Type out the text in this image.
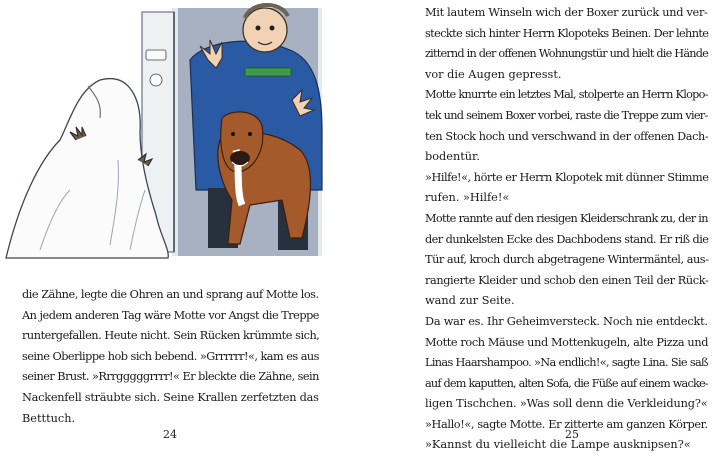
die Zähne, legte die Ohren an und sprang auf Motte los.
An jedem anderen Tag wäre Motte vor Angst die Treppe
runtergefallen. Heute nicht. Sein Rücken krümmte sich,
seine Oberlippe hob sich bebend. »Grrrrrr!«, kam es aus
seiner Brust. »Rrrgggggrrrr!« Er bleckte die Zähne, sein
Nackenfell sträubte sich. Seine Krallen zerfetzten das
Betttuch.
Mit lautem Winseln wich der Boxer zurück und ver-
steckte sich hinter Herrn Klopoteks Beinen. Der lehnte
zitternd in der offenen Wohnungstür und hielt die Hände
vor die Augen gepresst.
Motte knurrte ein letztes Mal, stolperte an Herrn Klopo-
tek und seinem Boxer vorbei, raste die Treppe zum vier-
ten Stock hoch und verschwand in der offenen Dach-
bodentür.
»Hilfe!«, hörte er Herrn Klopotek mit dünner Stimme
rufen. »Hilfe!«
Motte rannte auf den riesigen Kleiderschrank zu, der in
der dunkelsten Ecke des Dachbodens stand. Er riß die
Tür auf, kroch durch abgetragene Wintermäntel, aus-
rangierte Kleider und schob den einen Teil der Rück-
wand zur Seite.
Da war es. Ihr Geheimversteck. Noch nie entdeckt.
Motte roch Mäuse und Mottenkugeln, alte Pizza und
Linas Haarshampoo. »Na endlich!«, sagte Lina. Sie saß
auf dem kaputten, alten Sofa, die Füße auf einem wacke-
ligen Tischchen. »Was soll denn die Verkleidung?«
»Hallo!«, sagte Motte. Er zitterte am ganzen Körper.
»Kannst du vielleicht die Lampe ausknipsen?«
24	25
